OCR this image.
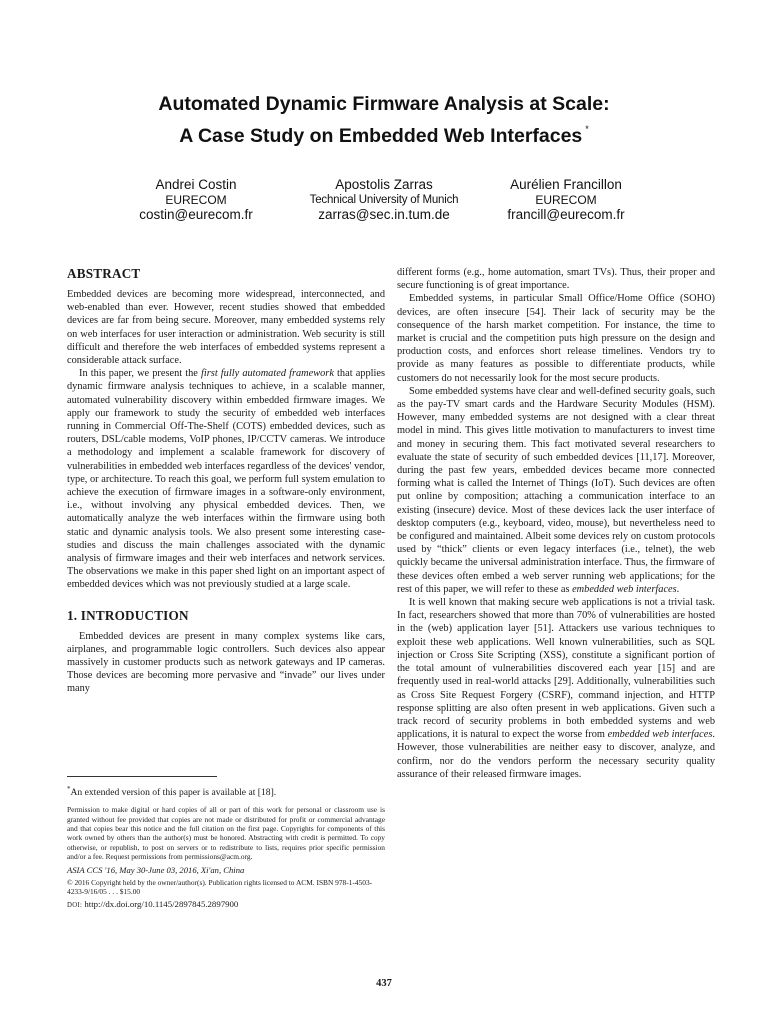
Automated Dynamic Firmware Analysis at Scale:
A Case Study on Embedded Web Interfaces *
Andrei Costin
EURECOM
costin@eurecom.fr
Apostolis Zarras
Technical University of Munich
zarras@sec.in.tum.de
Aurélien Francillon
EURECOM
francill@eurecom.fr
ABSTRACT

Embedded devices are becoming more widespread, interconnected, and web-enabled than ever. However, recent studies showed that embedded devices are far from being secure. Moreover, many embedded systems rely on web interfaces for user interaction or administration. Web security is still difficult and therefore the web interfaces of embedded systems represent a considerable attack surface.

In this paper, we present the first fully automated framework that applies dynamic firmware analysis techniques to achieve, in a scalable manner, automated vulnerability discovery within embedded firmware images. We apply our framework to study the security of embedded web interfaces running in Commercial Off-The-Shelf (COTS) embedded devices, such as routers, DSL/cable modems, VoIP phones, IP/CCTV cameras. We introduce a methodology and implement a scalable framework for discovery of vulnerabilities in embedded web interfaces regardless of the devices' vendor, type, or architecture. To reach this goal, we perform full system emulation to achieve the execution of firmware images in a software-only environment, i.e., without involving any physical embedded devices. Then, we automatically analyze the web interfaces within the firmware using both static and dynamic analysis tools. We also present some interesting case-studies and discuss the main challenges associated with the dynamic analysis of firmware images and their web interfaces and network services. The observations we make in this paper shed light on an important aspect of embedded devices which was not previously studied at a large scale.

1. INTRODUCTION

Embedded devices are present in many complex systems like cars, airplanes, and programmable logic controllers. Such devices also appear massively in customer products such as network gateways and IP cameras. Those devices are becoming more pervasive and “invade” our lives under many

*An extended version of this paper is available at [18].
Permission to make digital or hard copies of all or part of this work for personal or classroom use is granted without fee provided that copies are not made or distributed for profit or commercial advantage and that copies bear this notice and the full citation on the first page. Copyrights for components of this work owned by others than the author(s) must be honored. Abstracting with credit is permitted. To copy otherwise, or republish, to post on servers or to redistribute to lists, requires prior specific permission and/or a fee. Request permissions from permissions@acm.org.
ASIA CCS '16, May 30-June 03, 2016, Xi'an, China
© 2016 Copyright held by the owner/author(s). Publication rights licensed to ACM. ISBN 978-1-4503-4233-9/16/05 . . . $15.00
DOI: http://dx.doi.org/10.1145/2897845.2897900

different forms (e.g., home automation, smart TVs). Thus, their proper and secure functioning is of great importance.

Embedded systems, in particular Small Office/Home Office (SOHO) devices, are often insecure [54]. Their lack of security may be the consequence of the harsh market competition. For instance, the time to market is crucial and the competition puts high pressure on the design and production costs, and enforces short release timelines. Vendors try to provide as many features as possible to differentiate products, while customers do not necessarily look for the most secure products.

Some embedded systems have clear and well-defined security goals, such as the pay-TV smart cards and the Hardware Security Modules (HSM). However, many embedded systems are not designed with a clear threat model in mind. This gives little motivation to manufacturers to invest time and money in securing them. This fact motivated several researchers to evaluate the state of security of such embedded devices [11,17]. Moreover, during the past few years, embedded devices became more connected forming what is called the Internet of Things (IoT). Such devices are often put online by composition; attaching a communication interface to an existing (insecure) device. Most of these devices lack the user interface of desktop computers (e.g., keyboard, video, mouse), but nevertheless need to be configured and maintained. Albeit some devices rely on custom protocols used by “thick” clients or even legacy interfaces (i.e., telnet), the web quickly became the universal administration interface. Thus, the firmware of these devices often embed a web server running web applications; for the rest of this paper, we will refer to these as embedded web interfaces.

It is well known that making secure web applications is not a trivial task. In fact, researchers showed that more than 70% of vulnerabilities are hosted in the (web) application layer [51]. Attackers use various techniques to exploit these web applications. Well known vulnerabilities, such as SQL injection or Cross Site Scripting (XSS), constitute a significant portion of the total amount of vulnerabilities discovered each year [15] and are frequently used in real-world attacks [29]. Additionally, vulnerabilities such as Cross Site Request Forgery (CSRF), command injection, and HTTP response splitting are also often present in web applications. Given such a track record of security problems in both embedded systems and web applications, it is natural to expect the worse from embedded web interfaces. However, those vulnerabilities are neither easy to discover, analyze, and confirm, nor do the vendors perform the necessary security quality assurance of their released firmware images.

437
